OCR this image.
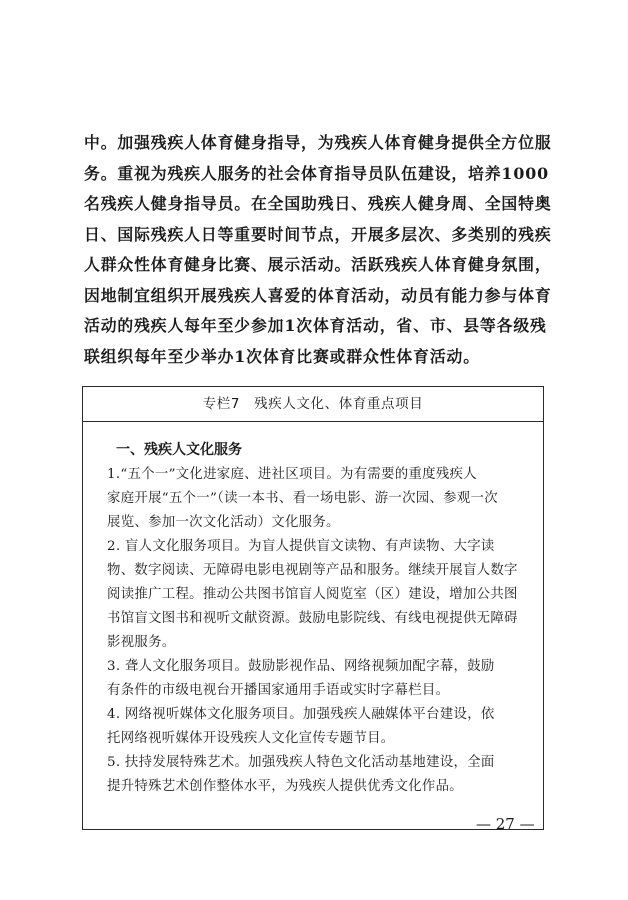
中。加强残疾人体育健身指导，为残疾人体育健身提供全方位服
务。重视为残疾人服务的社会体育指导员队伍建设，培养1000
名残疾人健身指导员。在全国助残日、残疾人健身周、全国特奥
日、国际残疾人日等重要时间节点，开展多层次、多类别的残疾
人群众性体育健身比赛、展示活动。活跃残疾人体育健身氛围，
因地制宜组织开展残疾人喜爱的体育活动，动员有能力参与体育
活动的残疾人每年至少参加1次体育活动，省、市、县等各级残
联组织每年至少举办1次体育比赛或群众性体育活动。
专栏7　残疾人文化、体育重点项目
一、残疾人文化服务
1.“五个一”文化进家庭、进社区项目。为有需要的重度残疾人
家庭开展“五个一”（读一本书、看一场电影、游一次园、参观一次
展览、参加一次文化活动）文化服务。
2. 盲人文化服务项目。为盲人提供盲文读物、有声读物、大字读
物、数字阅读、无障碍电影电视剧等产品和服务。继续开展盲人数字
阅读推广工程。推动公共图书馆盲人阅览室（区）建设，增加公共图
书馆盲文图书和视听文献资源。鼓励电影院线、有线电视提供无障碍
影视服务。
3. 聋人文化服务项目。鼓励影视作品、网络视频加配字幕，鼓励
有条件的市级电视台开播国家通用手语或实时字幕栏目。
4. 网络视听媒体文化服务项目。加强残疾人融媒体平台建设，依
托网络视听媒体开设残疾人文化宣传专题节目。
5. 扶持发展特殊艺术。加强残疾人特色文化活动基地建设，全面
提升特殊艺术创作整体水平，为残疾人提供优秀文化作品。
— 27 —
